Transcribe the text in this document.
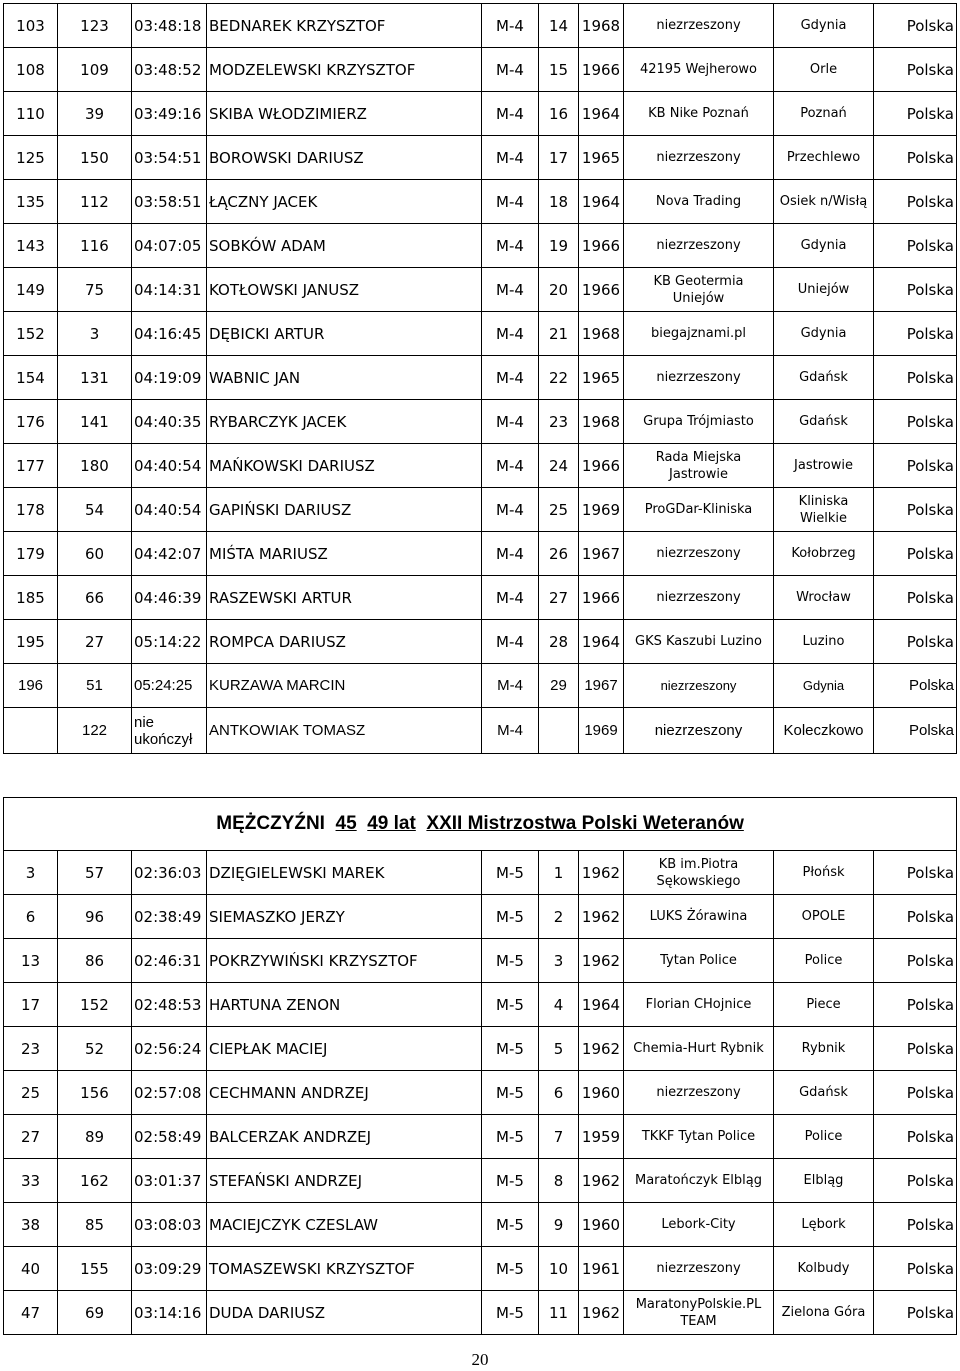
103	123	03:48:18	BEDNAREK KRZYSZTOF	M-4	14	1968	niezrzeszony	Gdynia	Polska
108	109	03:48:52	MODZELEWSKI KRZYSZTOF	M-4	15	1966	42195 Wejherowo	Orle	Polska
110	39	03:49:16	SKIBA WŁODZIMIERZ	M-4	16	1964	KB Nike Poznań	Poznań	Polska
125	150	03:54:51	BOROWSKI DARIUSZ	M-4	17	1965	niezrzeszony	Przechlewo	Polska
135	112	03:58:51	ŁĄCZNY JACEK	M-4	18	1964	Nova Trading	Osiek n/Wisłą	Polska
143	116	04:07:05	SOBKÓW ADAM	M-4	19	1966	niezrzeszony	Gdynia	Polska
149	75	04:14:31	KOTŁOWSKI JANUSZ	M-4	20	1966	KB Geotermia Uniejów	Uniejów	Polska
152	3	04:16:45	DĘBICKI ARTUR	M-4	21	1968	biegajznami.pl	Gdynia	Polska
154	131	04:19:09	WABNIC JAN	M-4	22	1965	niezrzeszony	Gdańsk	Polska
176	141	04:40:35	RYBARCZYK JACEK	M-4	23	1968	Grupa Trójmiasto	Gdańsk	Polska
177	180	04:40:54	MAŃKOWSKI DARIUSZ	M-4	24	1966	Rada Miejska Jastrowie	Jastrowie	Polska
178	54	04:40:54	GAPIŃSKI DARIUSZ	M-4	25	1969	ProGDar-Kliniska	Kliniska Wielkie	Polska
179	60	04:42:07	MIŚTA MARIUSZ	M-4	26	1967	niezrzeszony	Kołobrzeg	Polska
185	66	04:46:39	RASZEWSKI ARTUR	M-4	27	1966	niezrzeszony	Wrocław	Polska
195	27	05:14:22	ROMPCA DARIUSZ	M-4	28	1964	GKS Kaszubi Luzino	Luzino	Polska
196	51	05:24:25	KURZAWA MARCIN	M-4	29	1967	niezrzeszony	Gdynia	Polska
	122	nie ukończył	ANTKOWIAK TOMASZ	M-4		1969	niezrzeszony	Koleczkowo	Polska
MĘŻCZYŹNI 45 49 lat XXII Mistrzostwa Polski Weteranów									
3	57	02:36:03	DZIĘGIELEWSKI MAREK	M-5	1	1962	KB im.Piotra Sękowskiego	Płońsk	Polska
6	96	02:38:49	SIEMASZKO JERZY	M-5	2	1962	LUKS Żórawina	OPOLE	Polska
13	86	02:46:31	POKRZYWIŃSKI KRZYSZTOF	M-5	3	1962	Tytan Police	Police	Polska
17	152	02:48:53	HARTUNA ZENON	M-5	4	1964	Florian CHojnice	Piece	Polska
23	52	02:56:24	CIEPŁAK MACIEJ	M-5	5	1962	Chemia-Hurt Rybnik	Rybnik	Polska
25	156	02:57:08	CECHMANN ANDRZEJ	M-5	6	1960	niezrzeszony	Gdańsk	Polska
27	89	02:58:49	BALCERZAK ANDRZEJ	M-5	7	1959	TKKF Tytan Police	Police	Polska
33	162	03:01:37	STEFAŃSKI ANDRZEJ	M-5	8	1962	Maratończyk Elbląg	Elbląg	Polska
38	85	03:08:03	MACIEJCZYK CZESLAW	M-5	9	1960	Lebork-City	Lębork	Polska
40	155	03:09:29	TOMASZEWSKI KRZYSZTOF	M-5	10	1961	niezrzeszony	Kolbudy	Polska
47	69	03:14:16	DUDA DARIUSZ	M-5	11	1962	MaratonyPolskie.PL TEAM	Zielona Góra	Polska
20
